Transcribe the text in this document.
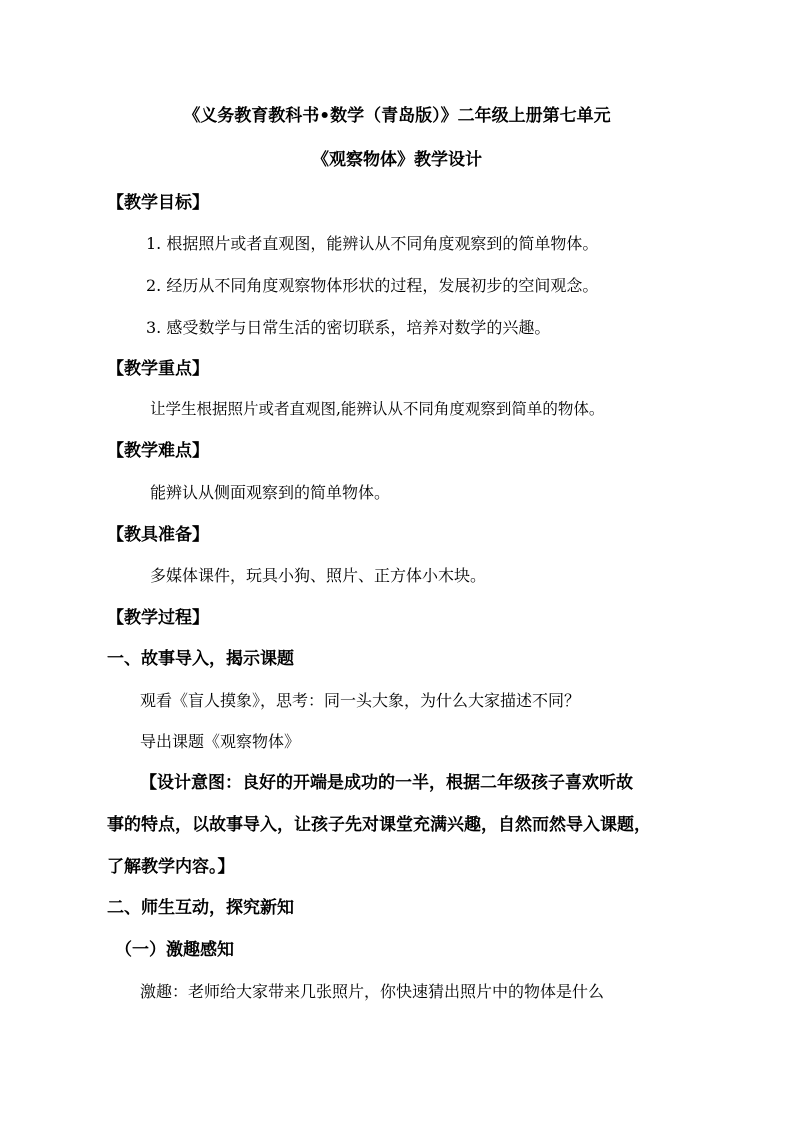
《义务教育教科书•数学（青岛版）》二年级上册第七单元
《观察物体》教学设计
【教学目标】
1. 根据照片或者直观图，能辨认从不同角度观察到的简单物体。
2. 经历从不同角度观察物体形状的过程，发展初步的空间观念。
3. 感受数学与日常生活的密切联系，培养对数学的兴趣。
【教学重点】
让学生根据照片或者直观图,能辨认从不同角度观察到简单的物体。
【教学难点】
能辨认从侧面观察到的简单物体。
【教具准备】
多媒体课件，玩具小狗、照片、正方体小木块。
【教学过程】
一、故事导入，揭示课题
观看《盲人摸象》，思考：同一头大象，为什么大家描述不同？
导出课题《观察物体》
【设计意图：良好的开端是成功的一半，根据二年级孩子喜欢听故
事的特点，以故事导入，让孩子先对课堂充满兴趣，自然而然导入课题，
了解教学内容。】
二、师生互动，探究新知
（一）激趣感知
激趣：老师给大家带来几张照片，你快速猜出照片中的物体是什么
